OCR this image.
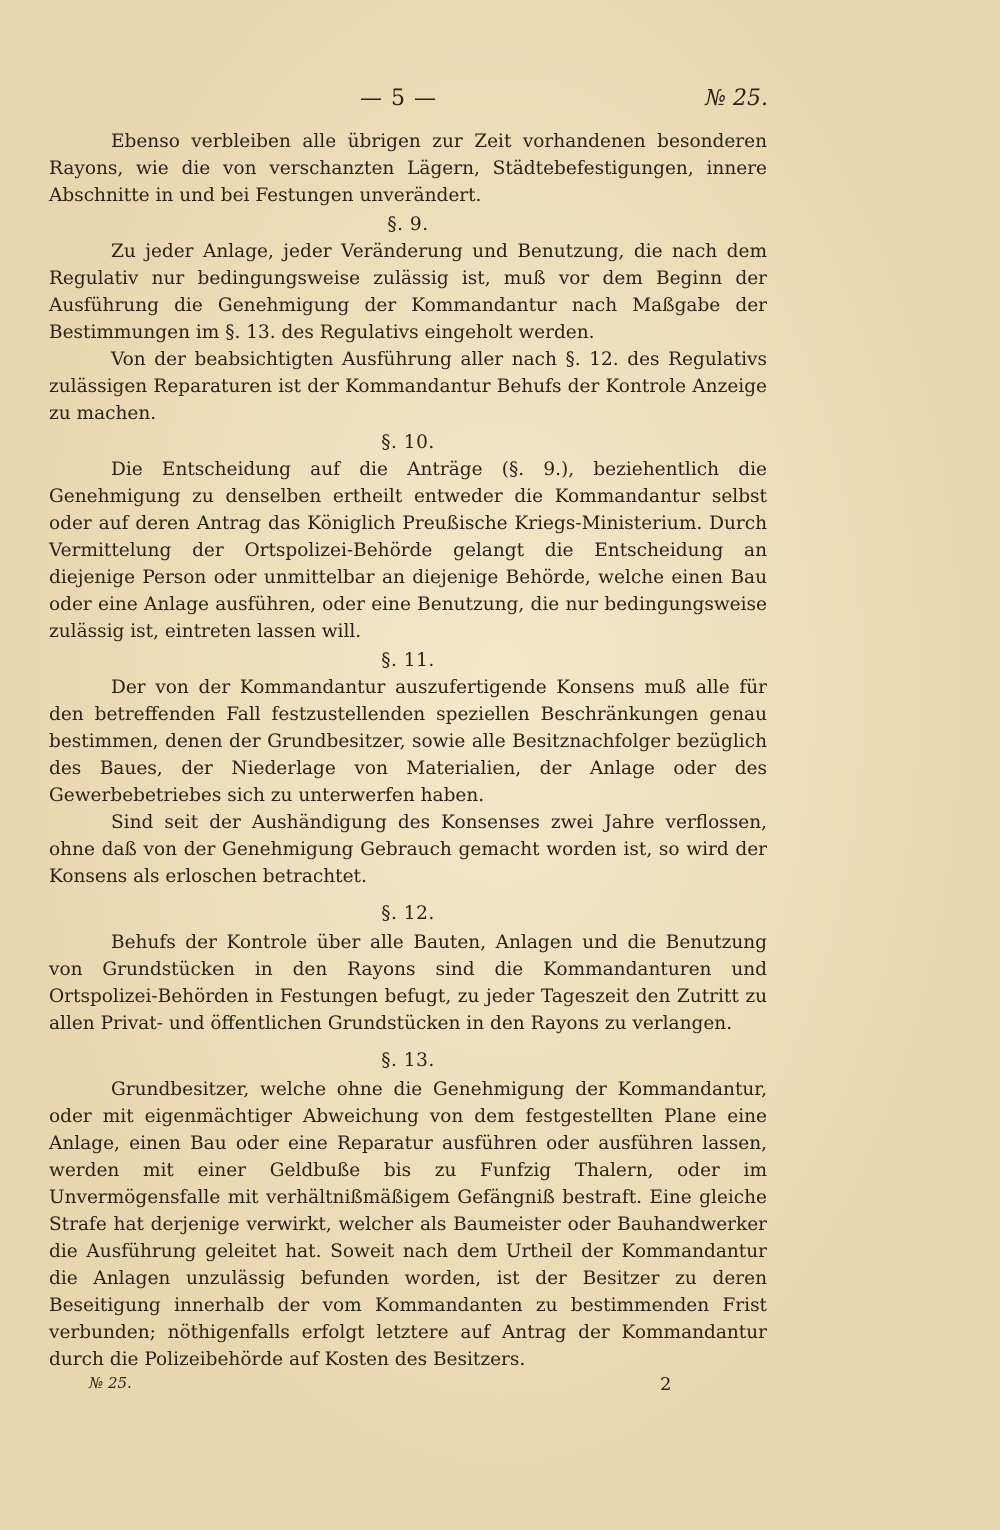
— 5 —	№ 25.

Ebenso verbleiben alle übrigen zur Zeit vorhandenen besonderen Rayons, wie die von verschanzten Lägern, Städtebefestigungen, innere Abschnitte in und bei Festungen unverändert.

§. 9.

Zu jeder Anlage, jeder Veränderung und Benutzung, die nach dem Regulativ nur bedingungsweise zulässig ist, muß vor dem Beginn der Ausführung die Genehmigung der Kommandantur nach Maßgabe der Bestimmungen im §. 13. des Regulativs eingeholt werden.

Von der beabsichtigten Ausführung aller nach §. 12. des Regulativs zulässigen Reparaturen ist der Kommandantur Behufs der Kontrole Anzeige zu machen.

§. 10.

Die Entscheidung auf die Anträge (§. 9.), beziehentlich die Genehmigung zu denselben ertheilt entweder die Kommandantur selbst oder auf deren Antrag das Königlich Preußische Kriegs-Ministerium. Durch Vermittelung der Ortspolizei-Behörde gelangt die Entscheidung an diejenige Person oder unmittelbar an diejenige Behörde, welche einen Bau oder eine Anlage ausführen, oder eine Benutzung, die nur bedingungsweise zulässig ist, eintreten lassen will.

§. 11.

Der von der Kommandantur auszufertigende Konsens muß alle für den betreffenden Fall festzustellenden speziellen Beschränkungen genau bestimmen, denen der Grundbesitzer, sowie alle Besitznachfolger bezüglich des Baues, der Niederlage von Materialien, der Anlage oder des Gewerbebetriebes sich zu unterwerfen haben.

Sind seit der Aushändigung des Konsenses zwei Jahre verflossen, ohne daß von der Genehmigung Gebrauch gemacht worden ist, so wird der Konsens als erloschen betrachtet.

§. 12.

Behufs der Kontrole über alle Bauten, Anlagen und die Benutzung von Grundstücken in den Rayons sind die Kommandanturen und Ortspolizei-Behörden in Festungen befugt, zu jeder Tageszeit den Zutritt zu allen Privat- und öffentlichen Grundstücken in den Rayons zu verlangen.

§. 13.

Grundbesitzer, welche ohne die Genehmigung der Kommandantur, oder mit eigenmächtiger Abweichung von dem festgestellten Plane eine Anlage, einen Bau oder eine Reparatur ausführen oder ausführen lassen, werden mit einer Geldbuße bis zu Funfzig Thalern, oder im Unvermögensfalle mit verhältnißmäßigem Gefängniß bestraft. Eine gleiche Strafe hat derjenige verwirkt, welcher als Baumeister oder Bauhandwerker die Ausführung geleitet hat. Soweit nach dem Urtheil der Kommandantur die Anlagen unzulässig befunden worden, ist der Besitzer zu deren Beseitigung innerhalb der vom Kommandanten zu bestimmenden Frist verbunden; nöthigenfalls erfolgt letztere auf Antrag der Kommandantur durch die Polizeibehörde auf Kosten des Besitzers.

№ 25.	2
